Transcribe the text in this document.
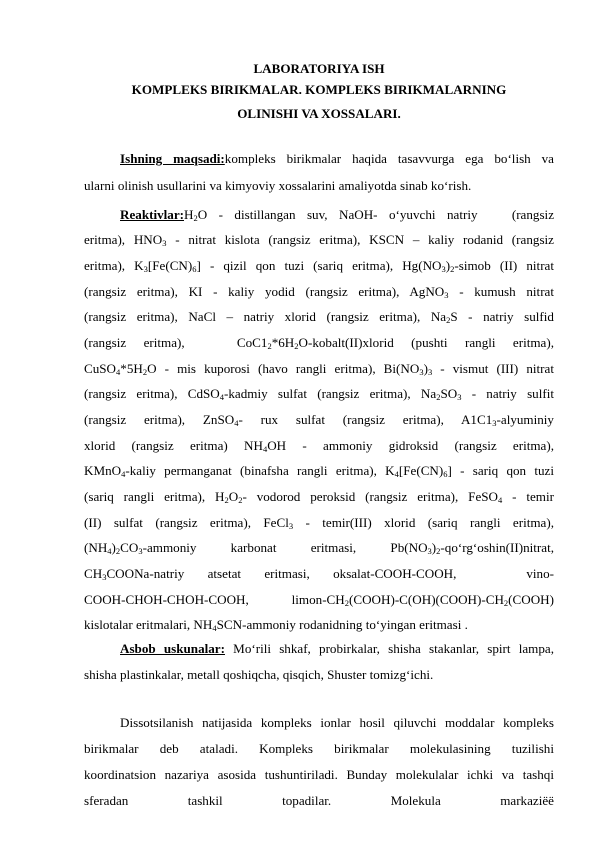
LABORATORIYA ISH
KOMPLEKS BIRIKMALAR. KOMPLEKS BIRIKMALARNING
OLINISHI VA XOSSALARI.
Ishning maqsadi:kompleks birikmalar haqida tasavvurga ega bo‘lish va
ularni olinish usullarini va kimyoviy xossalarini amaliyotda sinab ko‘rish.
$Reaktivlar:H_2O$ - distillangan suv, NaOH- o‘yuvchi natriy   (rangsiz
eritma), $HNO_3$ - nitrat kislota (rangsiz eritma), KSCN – kaliy rodanid (rangsiz
eritma), $K_3[Fe(CN)_6]$ - qizil qon tuzi (sariq eritma), $Hg(NO_3)_2$-simob (II) nitrat
(rangsiz eritma), KI - kaliy yodid (rangsiz eritma), AgNO$_3$ - kumush nitrat
(rangsiz eritma), NaCl – natriy xlorid (rangsiz eritma), $Na_2S$ - natriy sulfid
(rangsiz eritma),   $CoC1_2*6H_2O-kobalt(II)xlorid$ (pushti rangli eritma),
$CuSO_4*5H_2O$ - mis kuporosi (havo rangli eritma), $Bi(NO_3)_3$ - vismut (III) nitrat
(rangsiz eritma), CdSO$_4$-kadmiy sulfat (rangsiz eritma), $Na_2SO_3$ - natriy sulfit
(rangsiz eritma), ZnSO$_4$- rux sulfat (rangsiz eritma), $A1C1_3$-alyuminiy
xlorid (rangsiz eritma) $NH_4OH$ - ammoniy gidroksid (rangsiz eritma),
KMnO$_4$-kaliy permanganat (binafsha rangli eritma), $K_4[Fe(CN)_6]$ - sariq qon tuzi
(sariq rangli eritma), $H_2O_2-$ vodorod peroksid (rangsiz eritma), FeSO$_4$ - temir
(II) sulfat (rangsiz eritma), FeCl$_3$ - temir(III) xlorid (sariq rangli eritma),
$(NH_4)_2CO_3$-ammoniy karbonat eritmasi, $Pb(NO_3)_2-qo‘rg‘oshin(II)nitrat$,
$CH_3COONa$-natriy atsetat eritmasi, oksalat-COOH-COOH,   vino-
COOH-CHOH-CHOH-COOH, limon-$CH_2(COOH)-C(OH)(COOH)-CH_2(COOH)$
kislotalar eritmalari, $NH_4SCN$-ammoniy rodanidning to‘yingan eritmasi .
Asbob uskunalar: Mo‘rili shkaf, probirkalar, shisha stakanlar, spirt lampa,
shisha plastinkalar, metall qoshiqcha, qisqich, Shuster tomizg‘ichi.
Dissotsilanish natijasida kompleks ionlar hosil qiluvchi moddalar kompleks
birikmalar deb ataladi. Kompleks birikmalar molekulasining tuzilishi
koordinatsion nazariya asosida tushuntiriladi. Bunday molekulalar ichki va tashqi
sferadan tashkil topadilar. Molekula markaziёё
